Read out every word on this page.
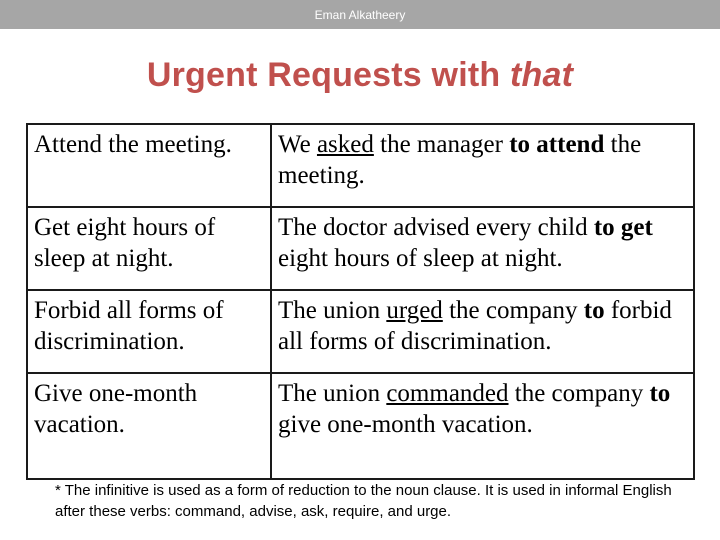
Eman Alkatheery
Urgent Requests with that
Attend the meeting.	We asked the manager to attend the meeting.
Get eight hours of sleep at night.	The doctor advised every child to get eight hours of sleep at night.
Forbid all forms of discrimination.	The union urged the company to forbid all forms of discrimination.
Give one-month vacation.	The union commanded the company to give one-month vacation.
* The infinitive is used as a form of reduction to the noun clause. It is used in informal English after these verbs: command, advise, ask, require, and urge.
